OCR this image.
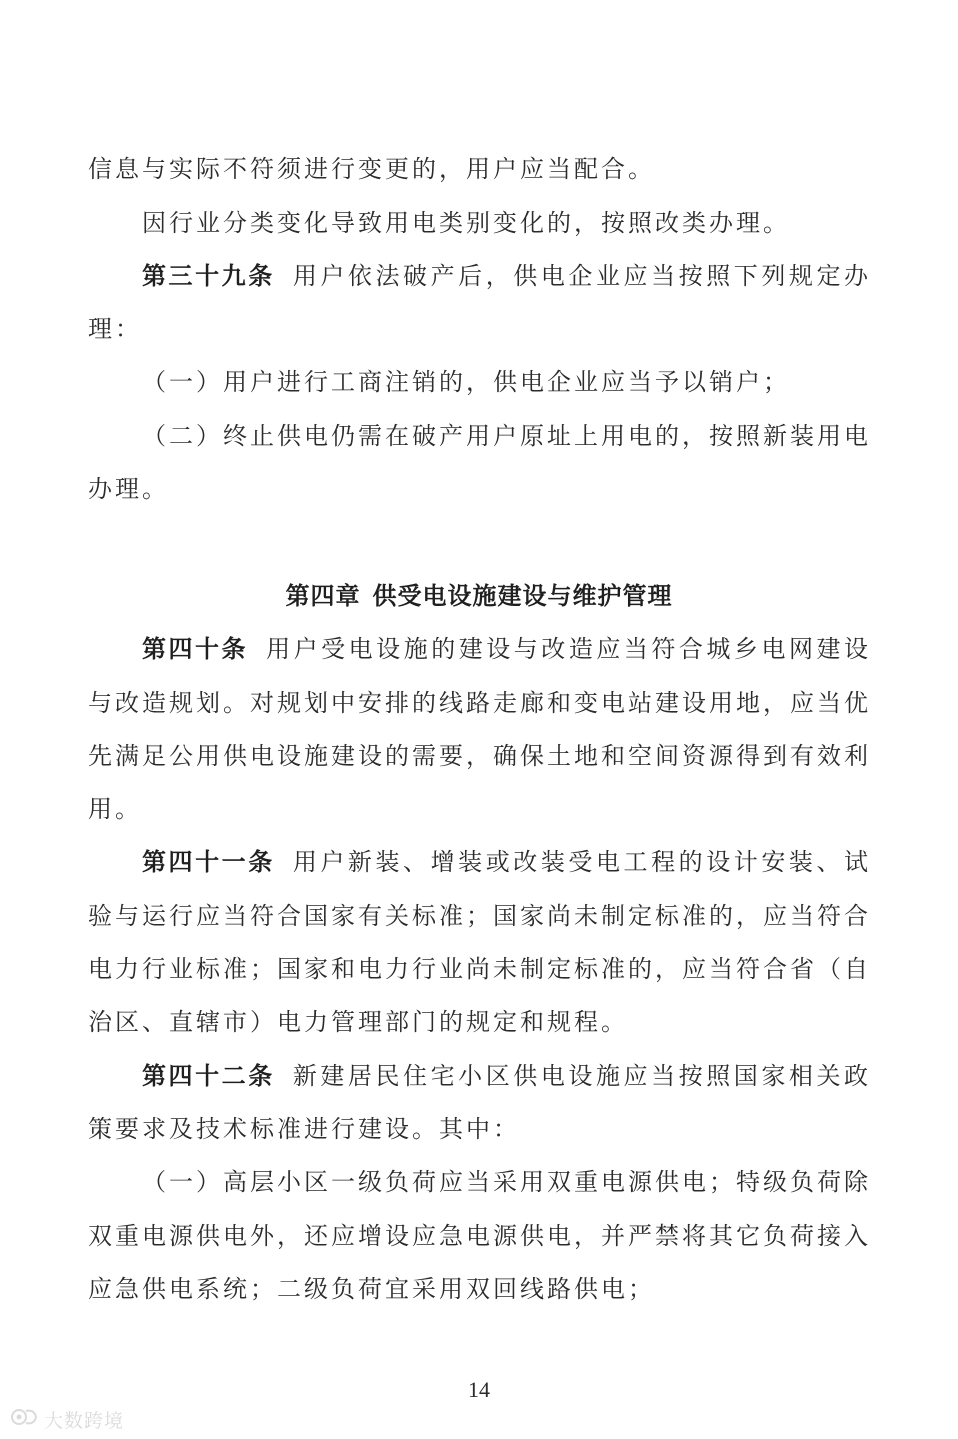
信息与实际不符须进行变更的，用户应当配合。
因行业分类变化导致用电类别变化的，按照改类办理。
第三十九条 用户依法破产后，供电企业应当按照下列规定办
理：
（一）用户进行工商注销的，供电企业应当予以销户；
（二）终止供电仍需在破产用户原址上用电的，按照新装用电
办理。
第四章 供受电设施建设与维护管理
第四十条 用户受电设施的建设与改造应当符合城乡电网建设
与改造规划。对规划中安排的线路走廊和变电站建设用地，应当优
先满足公用供电设施建设的需要，确保土地和空间资源得到有效利
用。
第四十一条 用户新装、增装或改装受电工程的设计安装、试
验与运行应当符合国家有关标准；国家尚未制定标准的，应当符合
电力行业标准；国家和电力行业尚未制定标准的，应当符合省（自
治区、直辖市）电力管理部门的规定和规程。
第四十二条 新建居民住宅小区供电设施应当按照国家相关政
策要求及技术标准进行建设。其中：
（一）高层小区一级负荷应当采用双重电源供电；特级负荷除
双重电源供电外，还应增设应急电源供电，并严禁将其它负荷接入
应急供电系统；二级负荷宜采用双回线路供电；
14
大数跨境
